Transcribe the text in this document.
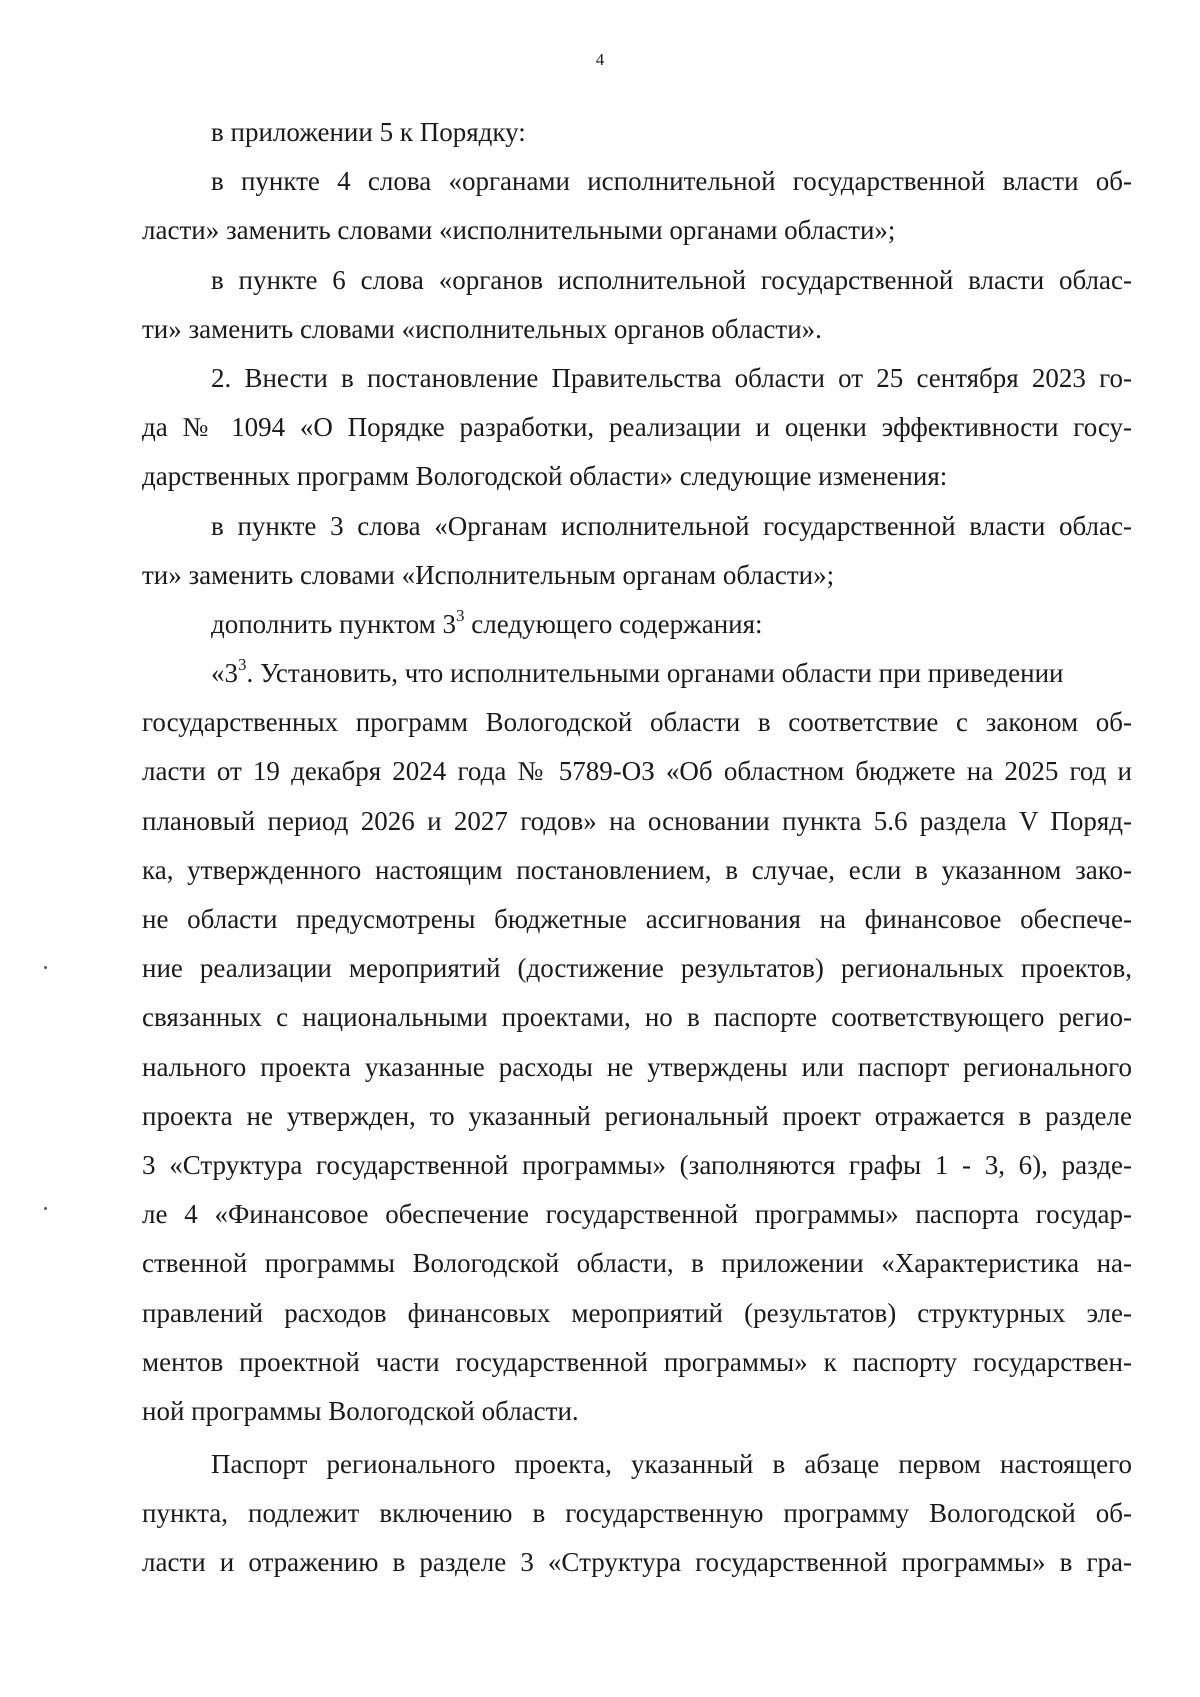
4
в приложении 5 к Порядку:
в пункте 4 слова «органами исполнительной государственной власти об-
ласти» заменить словами «исполнительными органами области»;
в пункте 6 слова «органов исполнительной государственной власти облас-
ти» заменить словами «исполнительных органов области».
2. Внести в постановление Правительства области от 25 сентября 2023 го-
да № 1094 «О Порядке разработки, реализации и оценки эффективности госу-
дарственных программ Вологодской области» следующие изменения:
в пункте 3 слова «Органам исполнительной государственной власти облас-
ти» заменить словами «Исполнительным органам области»;
дополнить пунктом $3^3$ следующего содержания:
«$3^3$. Установить, что исполнительными органами области при приведении
государственных программ Вологодской области в соответствие с законом об-
ласти от 19 декабря 2024 года № 5789-ОЗ «Об областном бюджете на 2025 год и
плановый период 2026 и 2027 годов» на основании пункта 5.6 раздела V Поряд-
ка, утвержденного настоящим постановлением, в случае, если в указанном зако-
не области предусмотрены бюджетные ассигнования на финансовое обеспече-
ние реализации мероприятий (достижение результатов) региональных проектов,
связанных с национальными проектами, но в паспорте соответствующего регио-
нального проекта указанные расходы не утверждены или паспорт регионального
проекта не утвержден, то указанный региональный проект отражается в разделе
3 «Структура государственной программы» (заполняются графы 1 - 3, 6), разде-
ле 4 «Финансовое обеспечение государственной программы» паспорта государ-
ственной программы Вологодской области, в приложении «Характеристика на-
правлений расходов финансовых мероприятий (результатов) структурных эле-
ментов проектной части государственной программы» к паспорту государствен-
ной программы Вологодской области.
Паспорт регионального проекта, указанный в абзаце первом настоящего
пункта, подлежит включению в государственную программу Вологодской об-
ласти и отражению в разделе 3 «Структура государственной программы» в гра-
